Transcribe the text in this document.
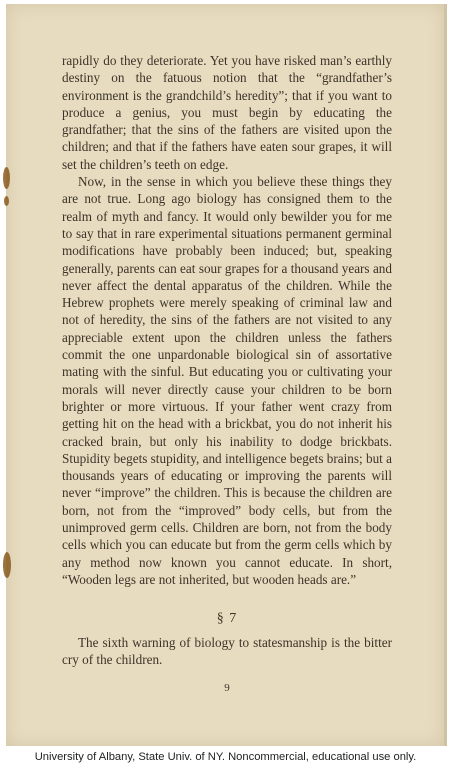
rapidly do they deteriorate. Yet you have risked man’s earthly destiny on the fatuous notion that the “grandfather’s environment is the grandchild’s heredity”; that if you want to produce a genius, you must begin by educating the grandfather; that the sins of the fathers are visited upon the children; and that if the fathers have eaten sour grapes, it will set the children’s teeth on edge.

Now, in the sense in which you believe these things they are not true. Long ago biology has consigned them to the realm of myth and fancy. It would only bewilder you for me to say that in rare experimental situations permanent germinal modifications have probably been induced; but, speaking generally, parents can eat sour grapes for a thousand years and never affect the dental apparatus of the children. While the Hebrew prophets were merely speaking of criminal law and not of heredity, the sins of the fathers are not visited to any appreciable extent upon the children unless the fathers commit the one unpardonable biological sin of assortative mating with the sinful. But educating you or cultivating your morals will never directly cause your children to be born brighter or more virtuous. If your father went crazy from getting hit on the head with a brickbat, you do not inherit his cracked brain, but only his inability to dodge brickbats. Stupidity begets stupidity, and intelligence begets brains; but a thousands years of educating or improving the parents will never “improve” the children. This is because the children are born, not from the “improved” body cells, but from the unimproved germ cells. Children are born, not from the body cells which you can educate but from the germ cells which by any method now known you cannot educate. In short, “Wooden legs are not inherited, but wooden heads are.”

§ 7

The sixth warning of biology to statesmanship is the bitter cry of the children.

9
University of Albany, State Univ. of NY. Noncommercial, educational use only.
